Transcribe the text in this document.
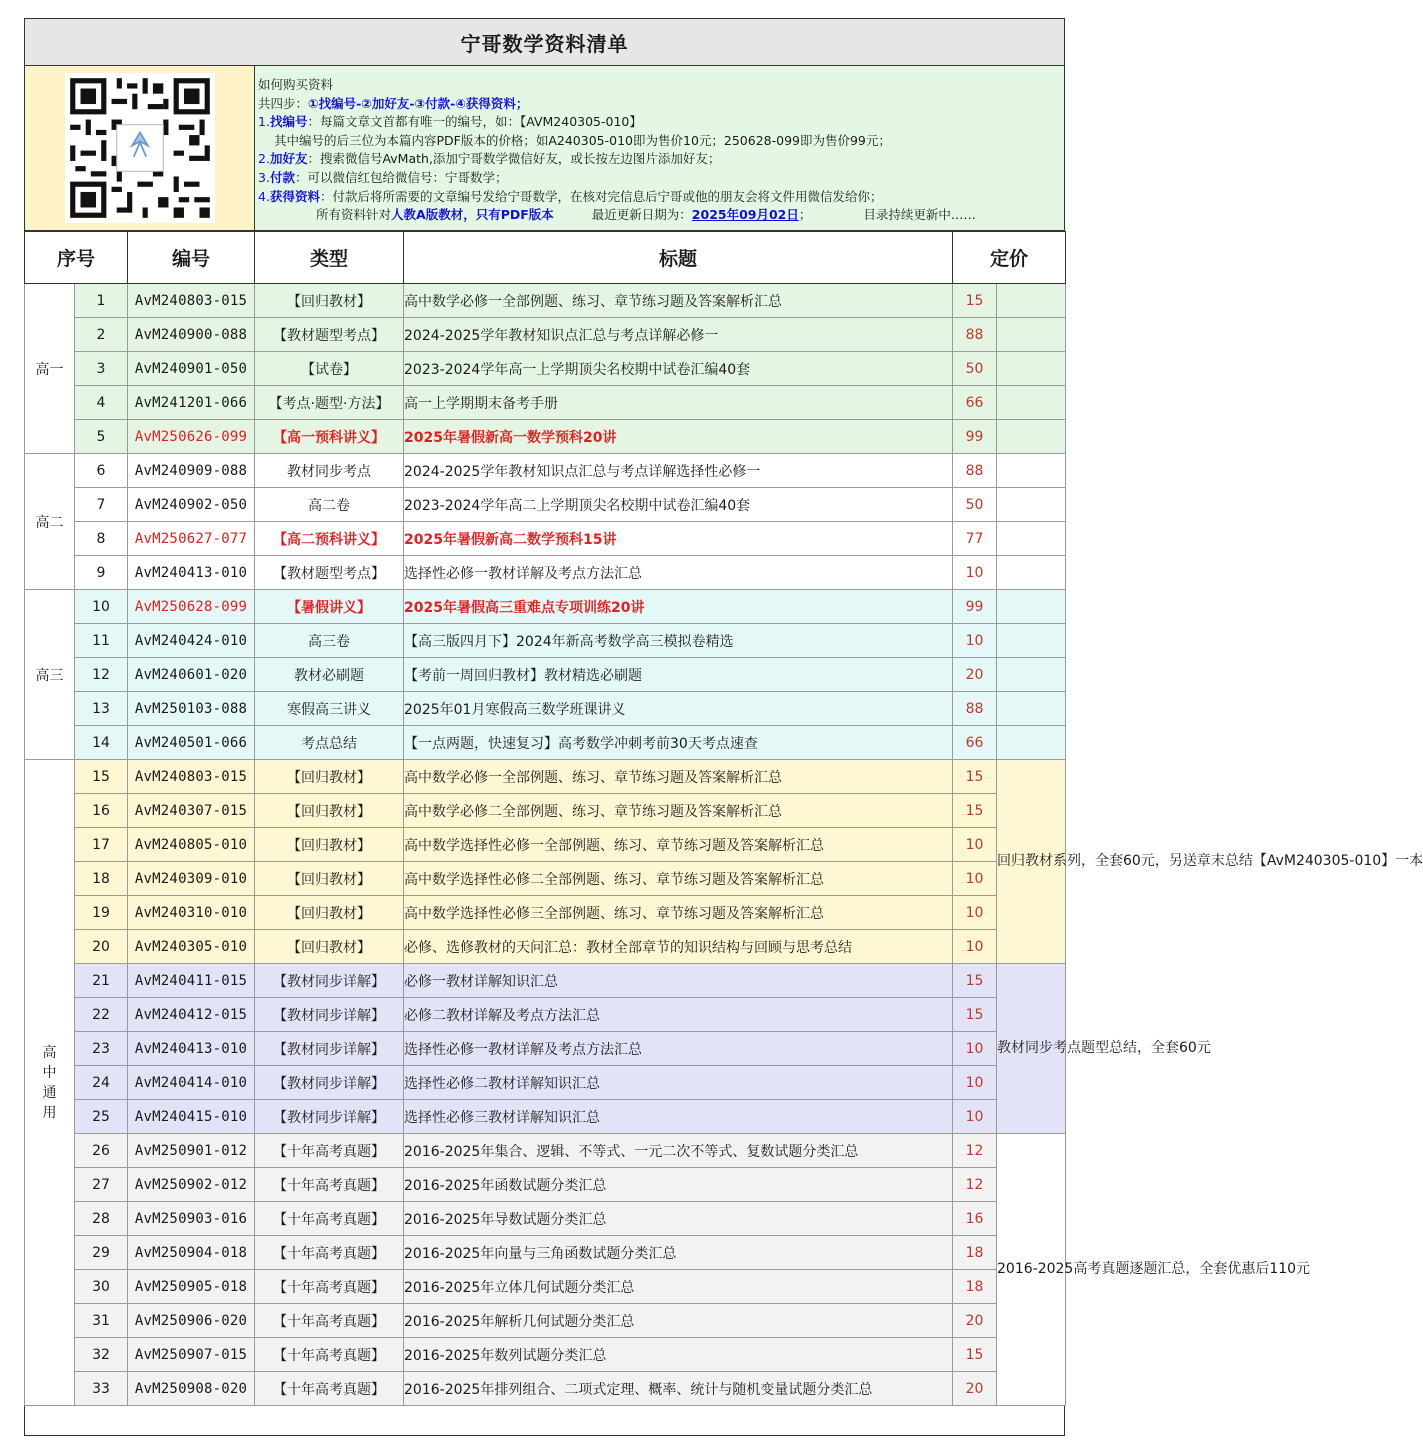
宁哥数学资料清单
如何购买资料
共四步：①找编号-②加好友-③付款-④获得资料；
1.找编号：每篇文章文首都有唯一的编号，如：【AVM240305-010】
其中编号的后三位为本篇内容PDF版本的价格；如A240305-010即为售价10元；250628-099即为售价99元；
2.加好友：搜索微信号AvMath,添加宁哥数学微信好友，或长按左边图片添加好友；
3.付款：可以微信红包给微信号：宁哥数学；
4.获得资料：付款后将所需要的文章编号发给宁哥数学，在核对完信息后宁哥或他的朋友会将文件用微信发给你；
所有资料针对人教A版教材，只有PDF版本	最近更新日期为：2025年09月02日；	目录持续更新中……
序号		编号	类型	标题	定价	
高一	1	AvM240803-015	【回归教材】	高中数学必修一全部例题、练习、章节练习题及答案解析汇总	15	
	2	AvM240900-088	【教材题型考点】	2024-2025学年教材知识点汇总与考点详解必修一	88	
	3	AvM240901-050	【试卷】	2023-2024学年高一上学期顶尖名校期中试卷汇编40套	50	
	4	AvM241201-066	【考点·题型·方法】	高一上学期期末备考手册	66	
	5	AvM250626-099	【高一预科讲义】	2025年暑假新高一数学预科20讲	99	
高二	6	AvM240909-088	教材同步考点	2024-2025学年教材知识点汇总与考点详解选择性必修一	88	
	7	AvM240902-050	高二卷	2023-2024学年高二上学期顶尖名校期中试卷汇编40套	50	
	8	AvM250627-077	【高二预科讲义】	2025年暑假新高二数学预科15讲	77	
	9	AvM240413-010	【教材题型考点】	选择性必修一教材详解及考点方法汇总	10	
高三	10	AvM250628-099	【暑假讲义】	2025年暑假高三重难点专项训练20讲	99	
	11	AvM240424-010	高三卷	【高三版四月下】2024年新高考数学高三模拟卷精选	10	
	12	AvM240601-020	教材必刷题	【考前一周回归教材】教材精选必刷题	20	
	13	AvM250103-088	寒假高三讲义	2025年01月寒假高三数学班课讲义	88	
	14	AvM240501-066	考点总结	【一点两题，快速复习】高考数学冲刺考前30天考点速查	66	

高
中
通
用	15	AvM240803-015	【回归教材】	高中数学必修一全部例题、练习、章节练习题及答案解析汇总	15	回归教材系列，全套60元，另送章末总结【AvM240305-010】一本
	16	AvM240307-015	【回归教材】	高中数学必修二全部例题、练习、章节练习题及答案解析汇总	15	
	17	AvM240805-010	【回归教材】	高中数学选择性必修一全部例题、练习、章节练习题及答案解析汇总	10	
	18	AvM240309-010	【回归教材】	高中数学选择性必修二全部例题、练习、章节练习题及答案解析汇总	10	
	19	AvM240310-010	【回归教材】	高中数学选择性必修三全部例题、练习、章节练习题及答案解析汇总	10	
	20	AvM240305-010	【回归教材】	必修、选修教材的天问汇总：教材全部章节的知识结构与回顾与思考总结	10	
	21	AvM240411-015	【教材同步详解】	必修一教材详解知识汇总	15	教材同步考点题型总结，全套60元
	22	AvM240412-015	【教材同步详解】	必修二教材详解及考点方法汇总	15	
	23	AvM240413-010	【教材同步详解】	选择性必修一教材详解及考点方法汇总	10	
	24	AvM240414-010	【教材同步详解】	选择性必修二教材详解知识汇总	10	
	25	AvM240415-010	【教材同步详解】	选择性必修三教材详解知识汇总	10	
	26	AvM250901-012	【十年高考真题】	2016-2025年集合、逻辑、不等式、一元二次不等式、复数试题分类汇总	12	2016-2025高考真题逐题汇总，全套优惠后110元
	27	AvM250902-012	【十年高考真题】	2016-2025年函数试题分类汇总	12	
	28	AvM250903-016	【十年高考真题】	2016-2025年导数试题分类汇总	16	
	29	AvM250904-018	【十年高考真题】	2016-2025年向量与三角函数试题分类汇总	18	
	30	AvM250905-018	【十年高考真题】	2016-2025年立体几何试题分类汇总	18	
	31	AvM250906-020	【十年高考真题】	2016-2025年解析几何试题分类汇总	20	
	32	AvM250907-015	【十年高考真题】	2016-2025年数列试题分类汇总	15	
	33	AvM250908-020	【十年高考真题】	2016-2025年排列组合、二项式定理、概率、统计与随机变量试题分类汇总	20	
